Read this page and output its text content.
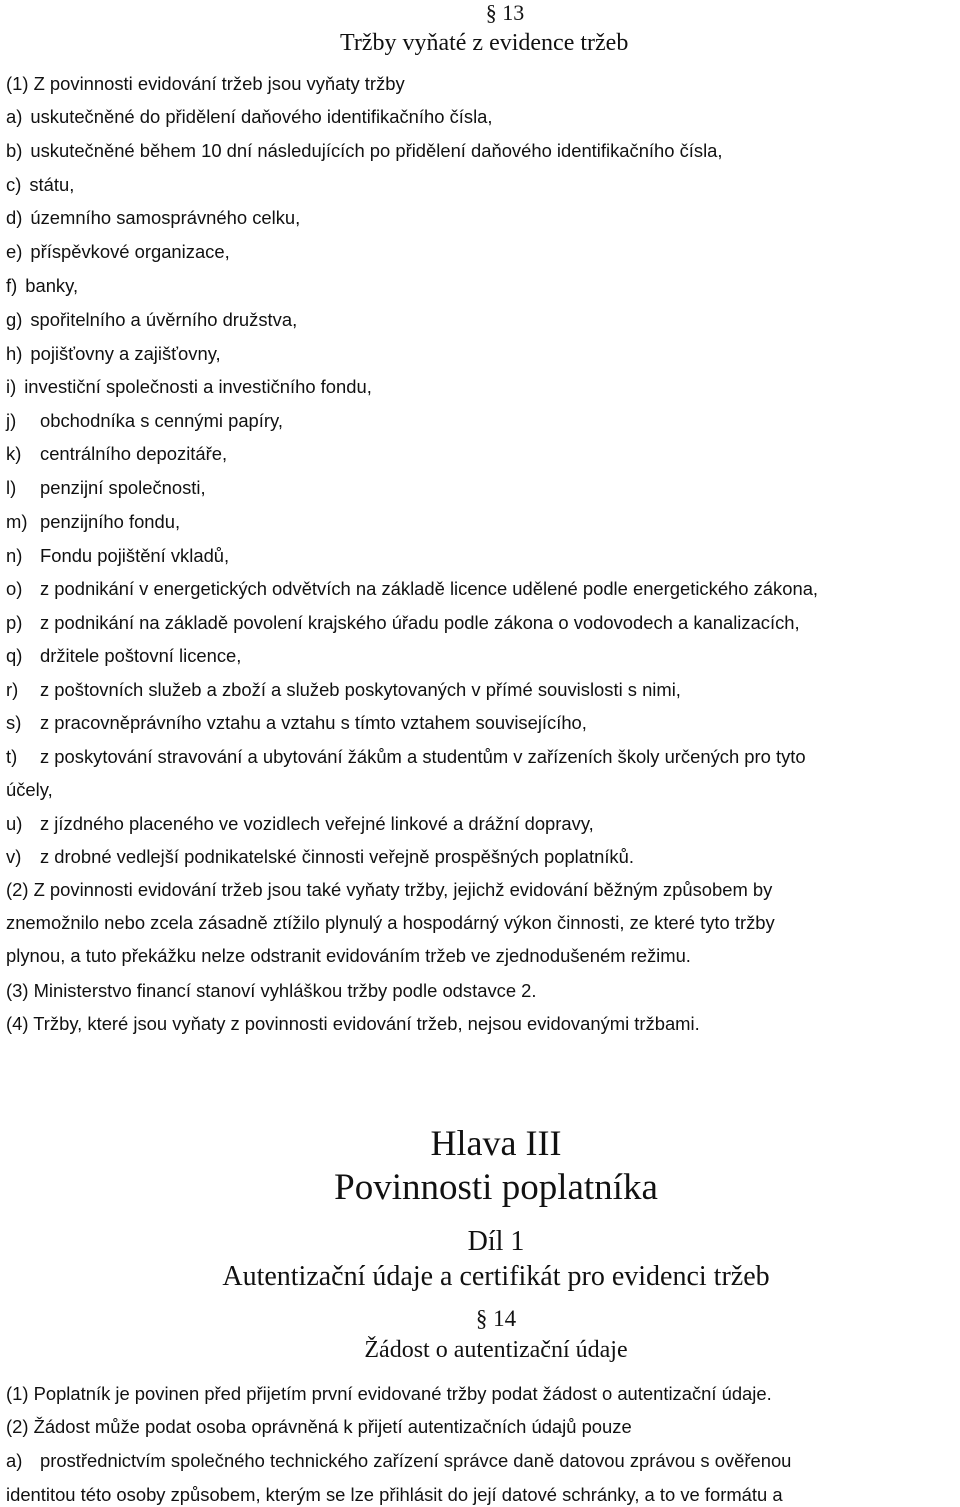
§ 13
Tržby vyňaté z evidence tržeb
(1) Z povinnosti evidování tržeb jsou vyňaty tržby
a) uskutečněné do přidělení daňového identifikačního čísla,
b) uskutečněné během 10 dní následujících po přidělení daňového identifikačního čísla,
c) státu,
d) územního samosprávného celku,
e) příspěvkové organizace,
f) banky,
g) spořitelního a úvěrního družstva,
h) pojišťovny a zajišťovny,
i) investiční společnosti a investičního fondu,
j) obchodníka s cennými papíry,
k) centrálního depozitáře,
l) penzijní společnosti,
m) penzijního fondu,
n) Fondu pojištění vkladů,
o) z podnikání v energetických odvětvích na základě licence udělené podle energetického zákona,
p) z podnikání na základě povolení krajského úřadu podle zákona o vodovodech a kanalizacích,
q) držitele poštovní licence,
r) z poštovních služeb a zboží a služeb poskytovaných v přímé souvislosti s nimi,
s) z pracovněprávního vztahu a vztahu s tímto vztahem souvisejícího,
t) z poskytování stravování a ubytování žákům a studentům v zařízeních školy určených pro tyto
účely,
u) z jízdného placeného ve vozidlech veřejné linkové a drážní dopravy,
v) z drobné vedlejší podnikatelské činnosti veřejně prospěšných poplatníků.
(2) Z povinnosti evidování tržeb jsou také vyňaty tržby, jejichž evidování běžným způsobem by
znemožnilo nebo zcela zásadně ztížilo plynulý a hospodárný výkon činnosti, ze které tyto tržby
plynou, a tuto překážku nelze odstranit evidováním tržeb ve zjednodušeném režimu.
(3) Ministerstvo financí stanoví vyhláškou tržby podle odstavce 2.
(4) Tržby, které jsou vyňaty z povinnosti evidování tržeb, nejsou evidovanými tržbami.
Hlava III
Povinnosti poplatníka
Díl 1
Autentizační údaje a certifikát pro evidenci tržeb
§ 14
Žádost o autentizační údaje
(1) Poplatník je povinen před přijetím první evidované tržby podat žádost o autentizační údaje.
(2) Žádost může podat osoba oprávněná k přijetí autentizačních údajů pouze
a) prostřednictvím společného technického zařízení správce daně datovou zprávou s ověřenou
identitou této osoby způsobem, kterým se lze přihlásit do její datové schránky, a to ve formátu a
